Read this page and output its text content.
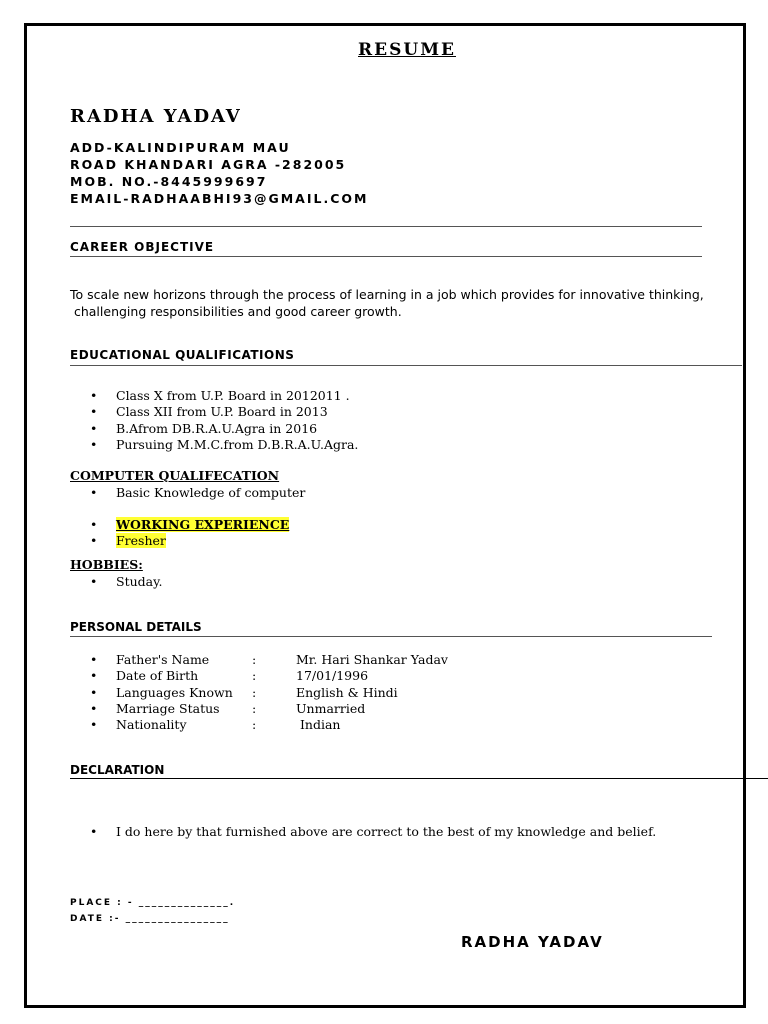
RESUME
RADHA YADAV
ADD-KALINDIPURAM MAU
ROAD KHANDARI AGRA -282005
MOB. NO.-8445999697
EMAIL-RADHAABHI93@GMAIL.COM
CAREER OBJECTIVE
To scale new horizons through the process of learning in a job which provides for innovative thinking,
challenging responsibilities and good career growth.
EDUCATIONAL QUALIFICATIONS
• Class X from U.P. Board in 2012011 .
• Class XII from U.P. Board in 2013
• B.Afrom DB.R.A.U.Agra in 2016
• Pursuing M.M.C.from D.B.R.A.U.Agra.
COMPUTER QUALIFECATION
• Basic Knowledge of computer
• WORKING EXPERIENCE
• Fresher
HOBBIES:
• Studay.
PERSONAL DETAILS
• Father's Name	:	Mr. Hari Shankar Yadav
• Date of Birth	:	17/01/1996
• Languages Known :	English & Hindi
• Marriage Status	:	Unmarried
• Nationality	:	Indian
DECLARATION
• I do here by that furnished above are correct to the best of my knowledge and belief.
PLACE : - ______________.
DATE :- ________________
RADHA YADAV
